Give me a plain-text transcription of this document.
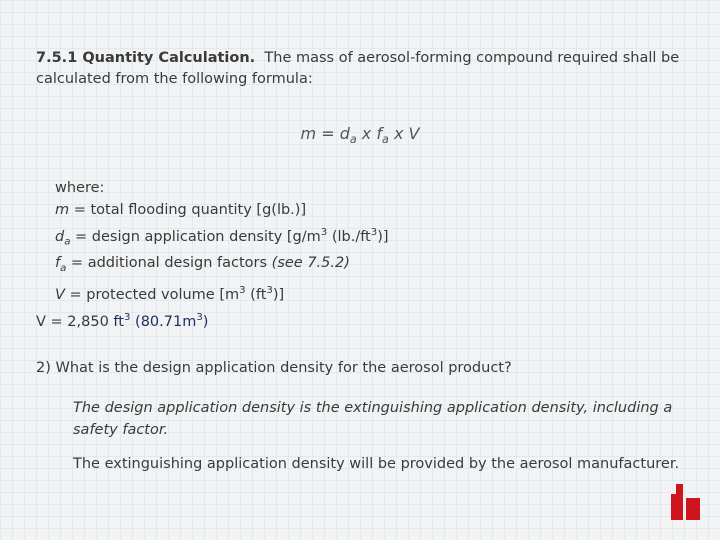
7.5.1 Quantity Calculation. The mass of aerosol-forming compound required shall be calculated from the following formula:
$m = d_a$ x $f_a$ x V
where:
m = total flooding quantity [g(lb.)]
$d_a$ = design application density [$g/m^3$ $(lb./ft^3)$]
$f_a$ = additional design factors (see 7.5.2)
V = protected volume [$m^3$ $(ft^3)$]
V = 2,850 $ft^3$ $(80.71m^3)$
2) What is the design application density for the aerosol product?
The design application density is the extinguishing application density, including a safety factor.
The extinguishing application density will be provided by the aerosol manufacturer.
